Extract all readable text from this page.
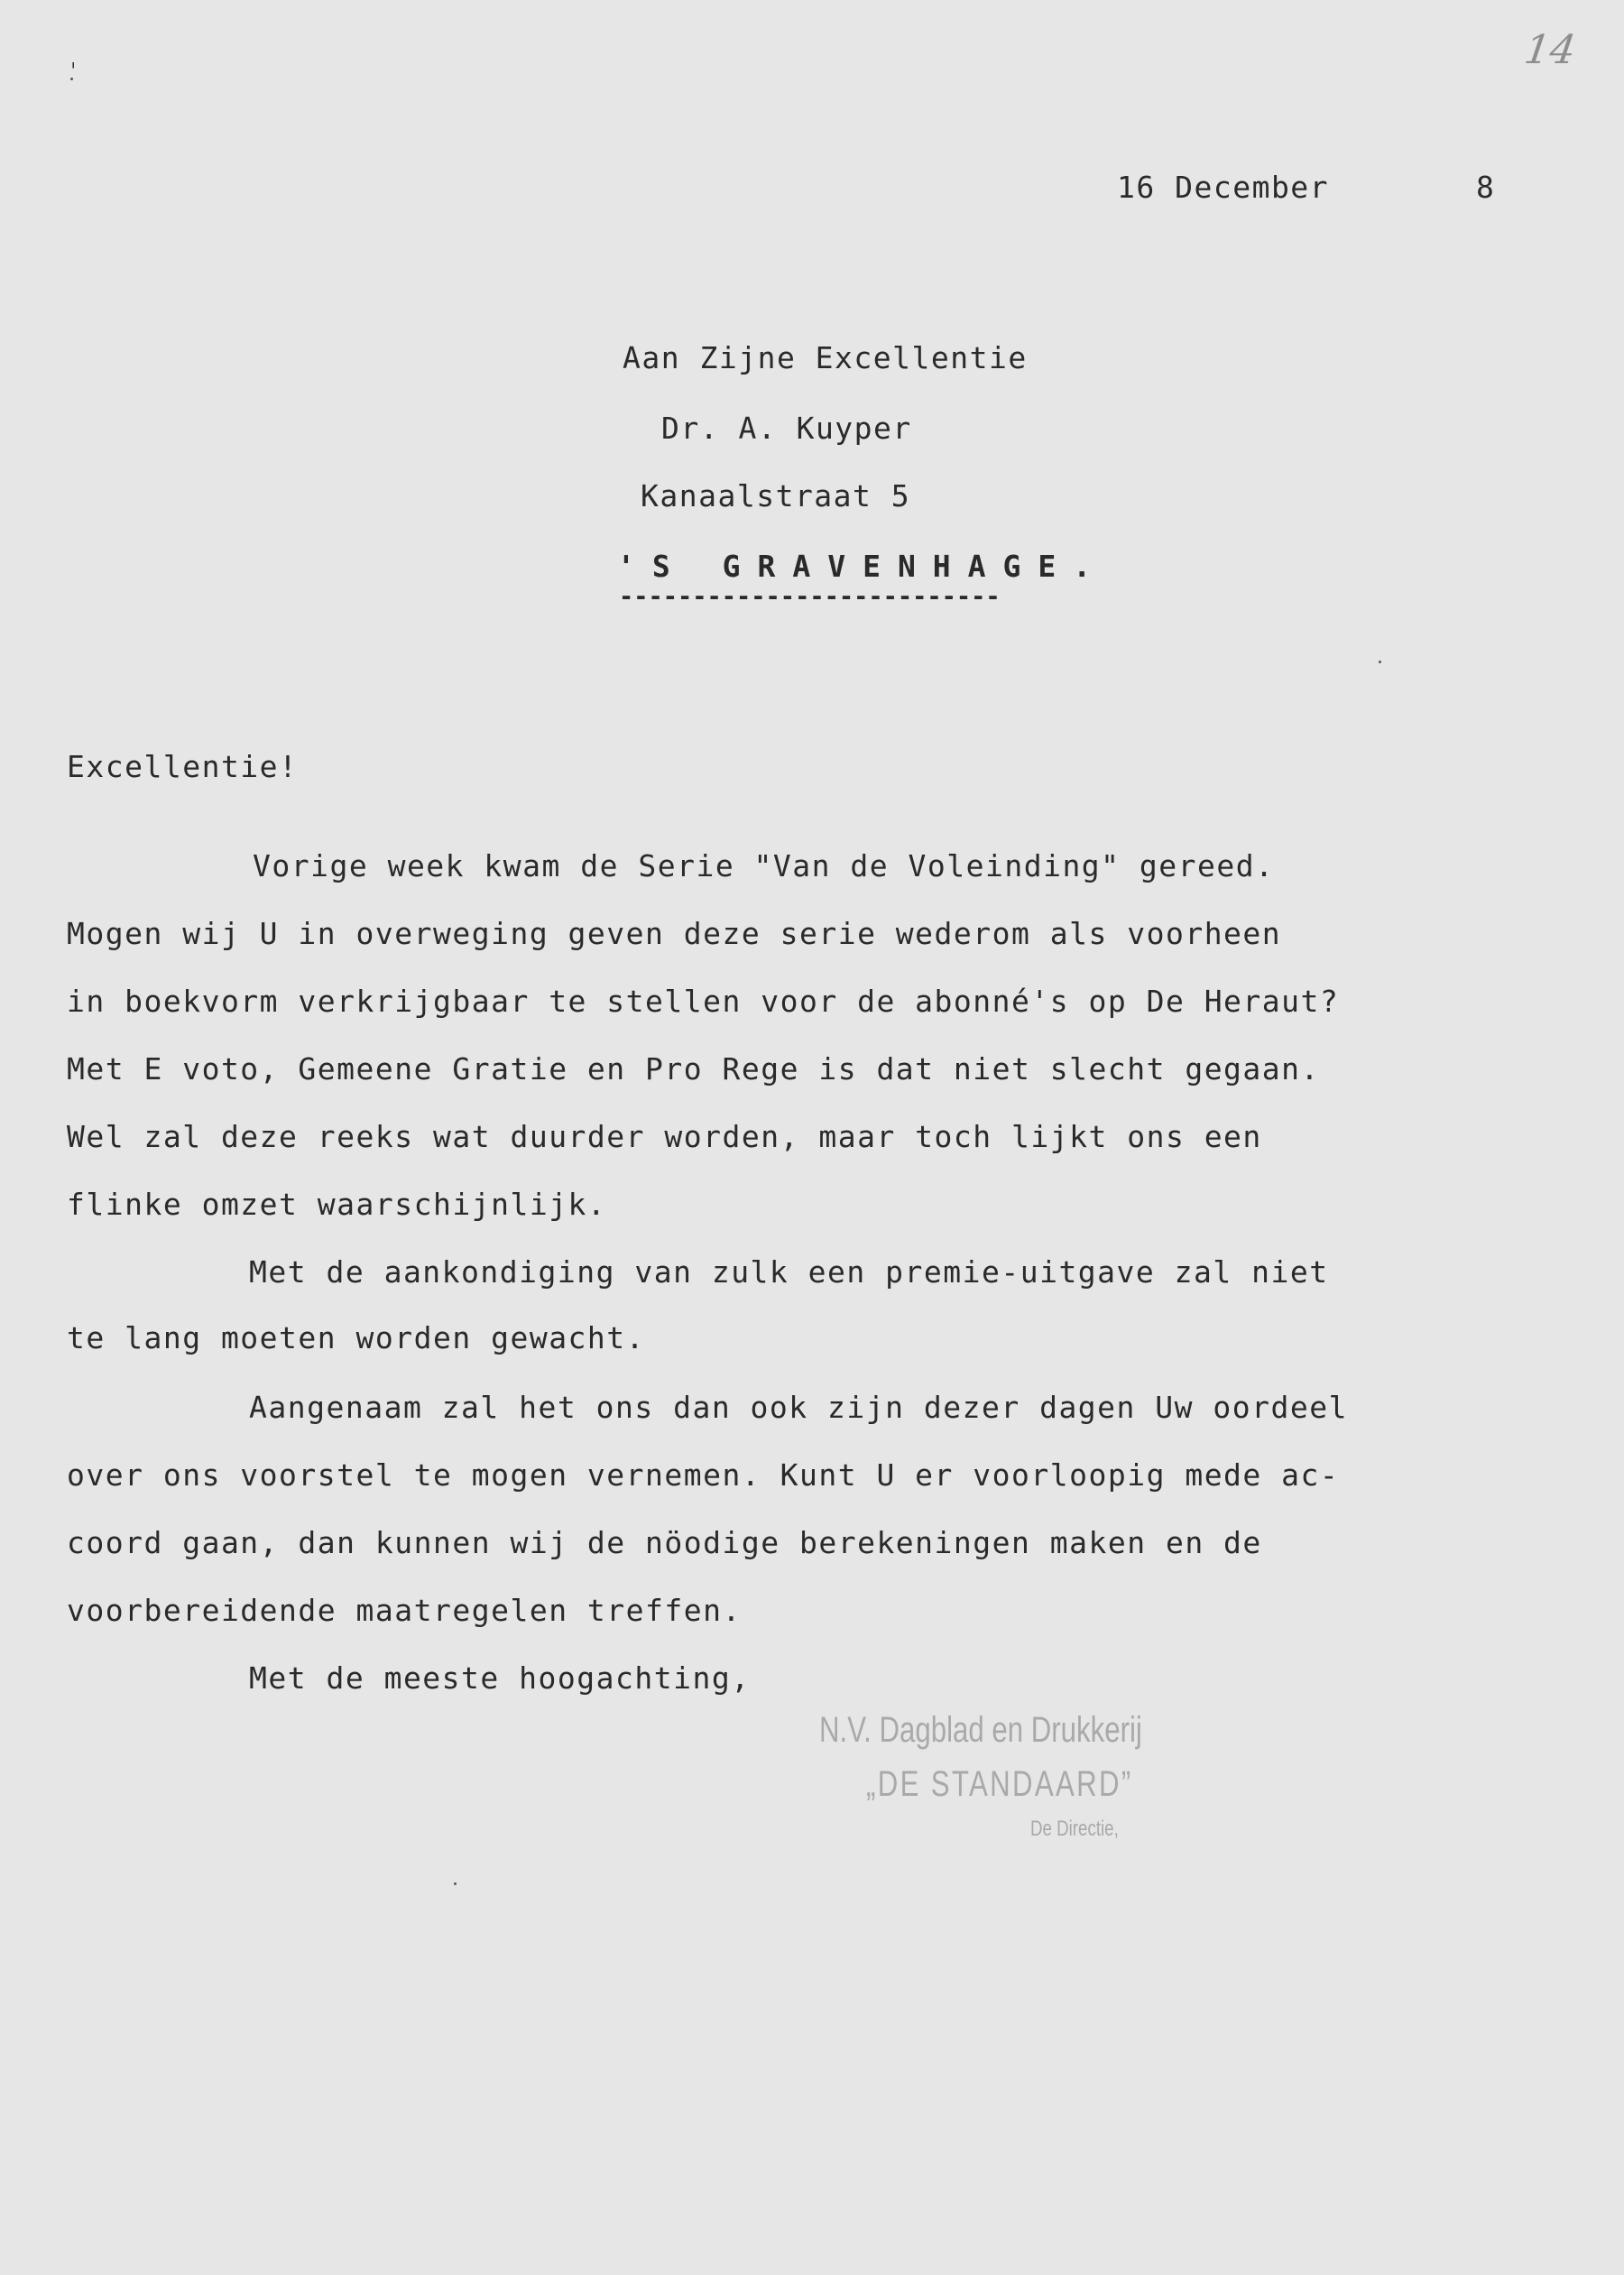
14
ˌ
16 December	8
Aan Zijne Excellentie
Dr. A. Kuyper
Kanaalstraat 5
'S GRAVENHAGE.
--------------------------
Excellentie!
Vorige week kwam de Serie "Van de Voleinding" gereed.
Mogen wij U in overweging geven deze serie wederom als voorheen
in boekvorm verkrijgbaar te stellen voor de abonné's op De Heraut?
Met E voto, Gemeene Gratie en Pro Rege is dat niet slecht gegaan.
Wel zal deze reeks wat duurder worden, maar toch lijkt ons een
flinke omzet waarschijnlijk.
Met de aankondiging van zulk een premie-uitgave zal niet
te lang moeten worden gewacht.
Aangenaam zal het ons dan ook zijn dezer dagen Uw oordeel
over ons voorstel te mogen vernemen. Kunt U er voorloopig mede ac-
coord gaan, dan kunnen wij de nöodige berekeningen maken en de
voorbereidende maatregelen treffen.
Met de meeste hoogachting,
N.V. Dagblad en Drukkerij
„DE STANDAARD”
De Directie,
